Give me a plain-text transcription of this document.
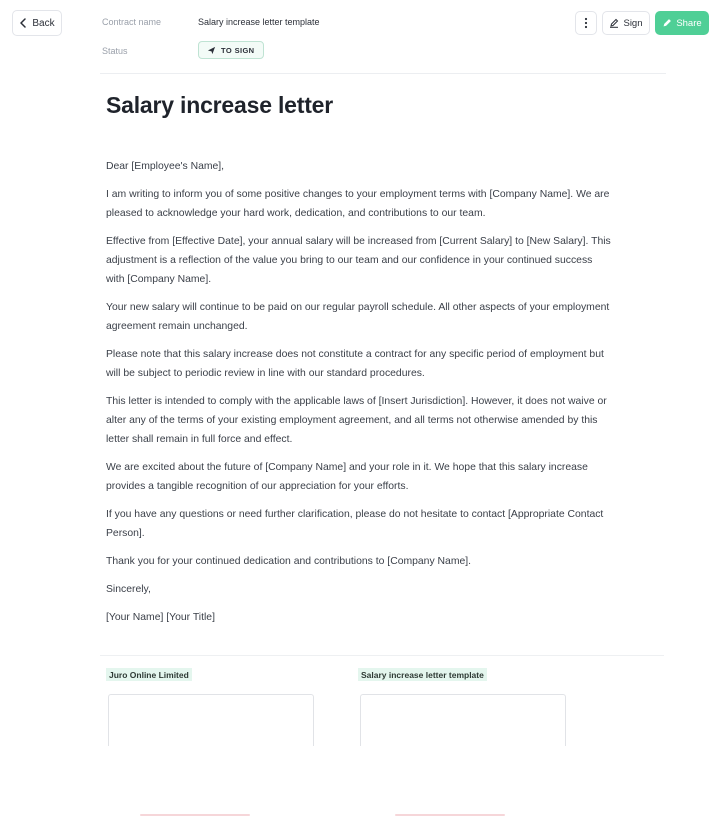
Back	Contract name	Salary increase letter template
Status	TO SIGN
Sign	Share
Salary increase letter

Dear [Employee's Name],

I am writing to inform you of some positive changes to your employment terms with [Company Name]. We are pleased to acknowledge your hard work, dedication, and contributions to our team.

Effective from [Effective Date], your annual salary will be increased from [Current Salary] to [New Salary]. This adjustment is a reflection of the value you bring to our team and our confidence in your continued success with [Company Name].

Your new salary will continue to be paid on our regular payroll schedule. All other aspects of your employment agreement remain unchanged.

Please note that this salary increase does not constitute a contract for any specific period of employment but will be subject to periodic review in line with our standard procedures.

This letter is intended to comply with the applicable laws of [Insert Jurisdiction]. However, it does not waive or alter any of the terms of your existing employment agreement, and all terms not otherwise amended by this letter shall remain in full force and effect.

We are excited about the future of [Company Name] and your role in it. We hope that this salary increase provides a tangible recognition of our appreciation for your efforts.

If you have any questions or need further clarification, please do not hesitate to contact [Appropriate Contact Person].

Thank you for your continued dedication and contributions to [Company Name].

Sincerely,

[Your Name] [Your Title]

Juro Online Limited	Salary increase letter template
